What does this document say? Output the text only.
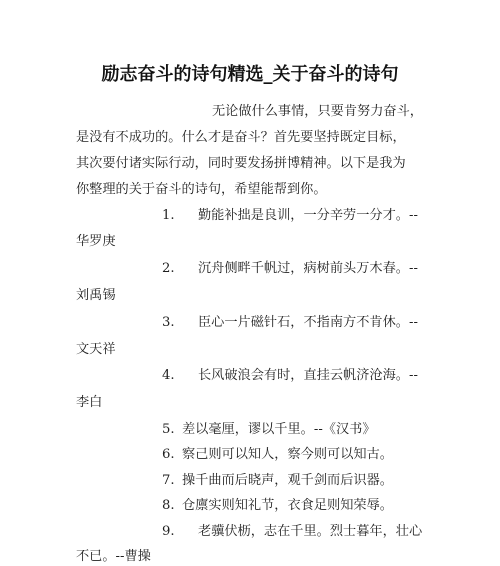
励志奋斗的诗句精选_关于奋斗的诗句
无论做什么事情，只要肯努力奋斗，
是没有不成功的。什么才是奋斗？首先要坚持既定目标，
其次要付诸实际行动，同时要发扬拼博精神。以下是我为
你整理的关于奋斗的诗句，希望能帮到你。
1. 勤能补拙是良训，一分辛劳一分才。--
华罗庚
2. 沉舟侧畔千帆过，病树前头万木春。--
刘禹锡
3. 臣心一片磁针石，不指南方不肯休。--
文天祥
4. 长风破浪会有时，直挂云帆济沧海。--
李白
5. 差以毫厘，谬以千里。--《汉书》
6. 察己则可以知人，察今则可以知古。
7. 操千曲而后晓声，观千剑而后识器。
8. 仓廪实则知礼节，衣食足则知荣辱。
9. 老骥伏枥，志在千里。烈士暮年，壮心
不已。--曹操
